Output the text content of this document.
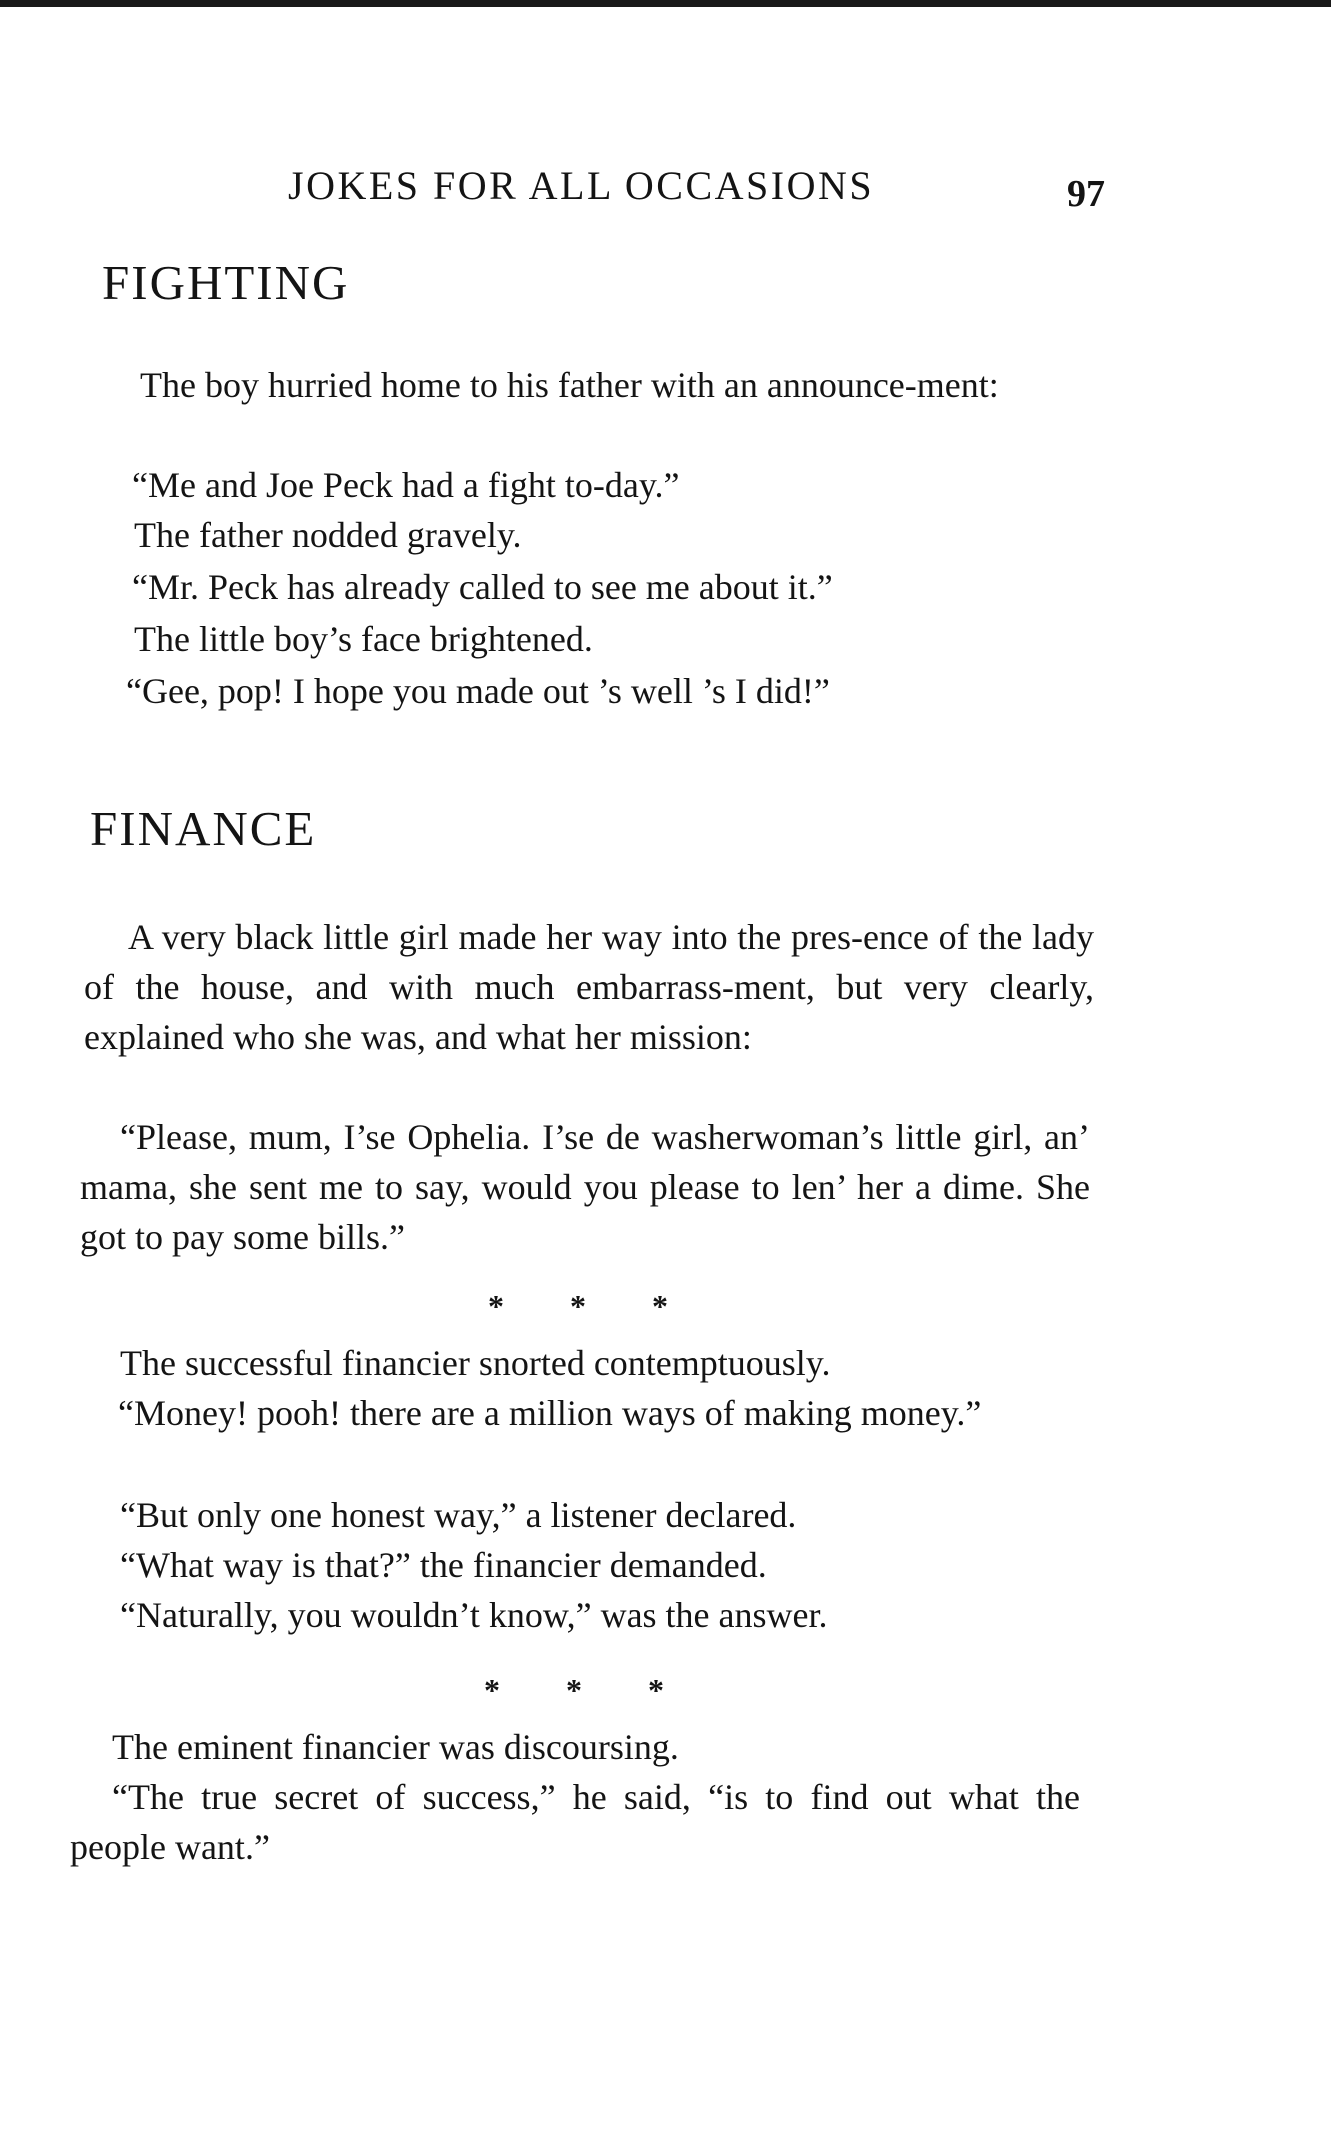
JOKES FOR ALL OCCASIONS	97
FIGHTING

The boy hurried home to his father with an announce-ment:

“Me and Joe Peck had a fight to-day.”
The father nodded gravely.
“Mr. Peck has already called to see me about it.”
The little boy’s face brightened.
“Gee, pop! I hope you made out ’s well ’s I did!”
FINANCE

A very black little girl made her way into the pres-ence of the lady of the house, and with much embarrass-ment, but very clearly, explained who she was, and what her mission:

“Please, mum, I’se Ophelia. I’se de washerwoman’s little girl, an’ mama, she sent me to say, would you please to len’ her a dime. She got to pay some bills.”

* * *
The successful financier snorted contemptuously.

“Money! pooh! there are a million ways of making money.”

“But only one honest way,” a listener declared.
“What way is that?” the financier demanded.
“Naturally, you wouldn’t know,” was the answer.
* * *
The eminent financier was discoursing.

“The true secret of success,” he said, “is to find out what the people want.”
